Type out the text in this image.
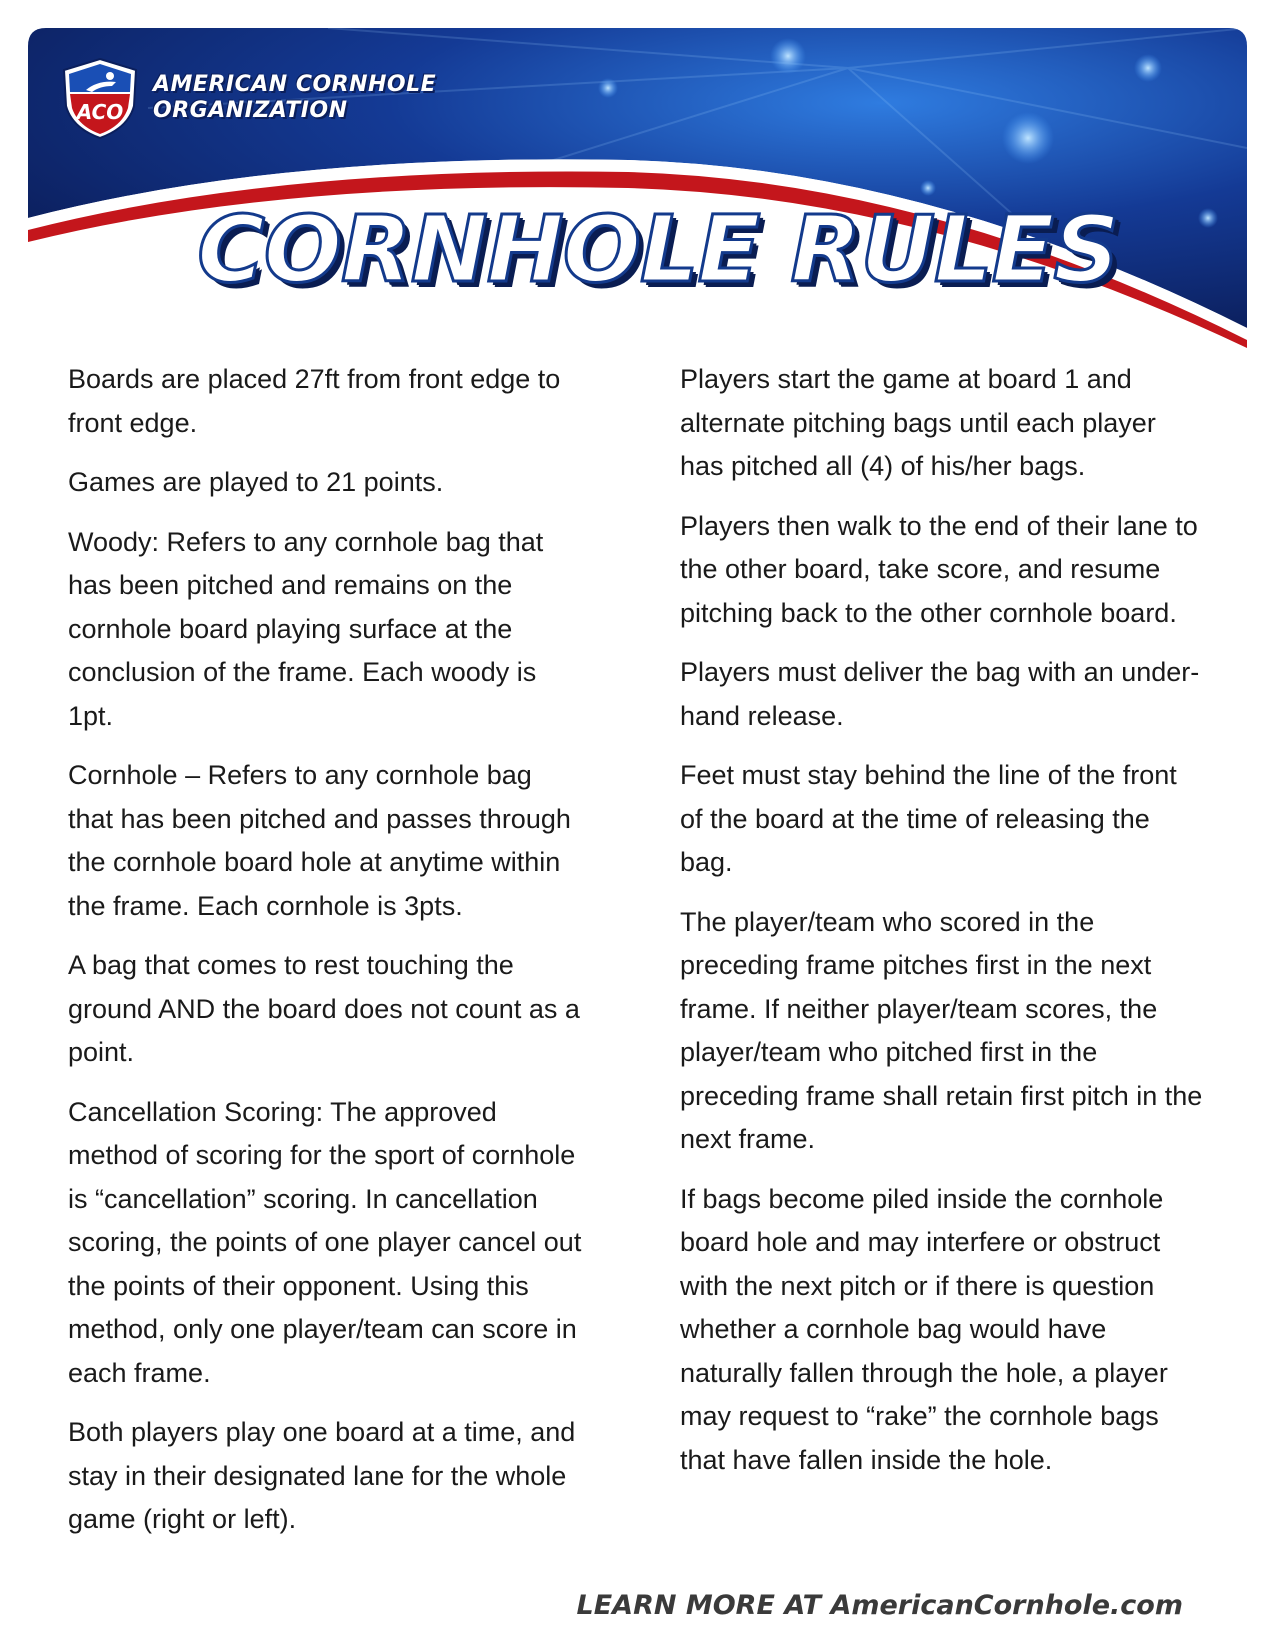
ACO
AMERICAN CORNHOLE
ORGANIZATION
CORNHOLE RULES

Boards are placed 27ft from front edge to front edge.

Games are played to 21 points.

Woody: Refers to any cornhole bag that has been pitched and remains on the cornhole board playing surface at the conclusion of the frame. Each woody is 1pt.

Cornhole – Refers to any cornhole bag that has been pitched and passes through the cornhole board hole at anytime within the frame. Each cornhole is 3pts.

A bag that comes to rest touching the ground AND the board does not count as a point.

Cancellation Scoring: The approved method of scoring for the sport of cornhole is “cancellation” scoring. In cancellation scoring, the points of one player cancel out the points of their opponent. Using this method, only one player/team can score in each frame.

Both players play one board at a time, and stay in their designated lane for the whole game (right or left).

Players start the game at board 1 and alternate pitching bags until each player has pitched all (4) of his/her bags.

Players then walk to the end of their lane to the other board, take score, and resume pitching back to the other cornhole board.

Players must deliver the bag with an under-hand release.

Feet must stay behind the line of the front of the board at the time of releasing the bag.

The player/team who scored in the preceding frame pitches first in the next frame. If neither player/team scores, the player/team who pitched first in the preceding frame shall retain first pitch in the next frame.

If bags become piled inside the cornhole board hole and may interfere or obstruct with the next pitch or if there is question whether a cornhole bag would have naturally fallen through the hole, a player may request to “rake” the cornhole bags that have fallen inside the hole.

LEARN MORE AT AmericanCornhole.com
